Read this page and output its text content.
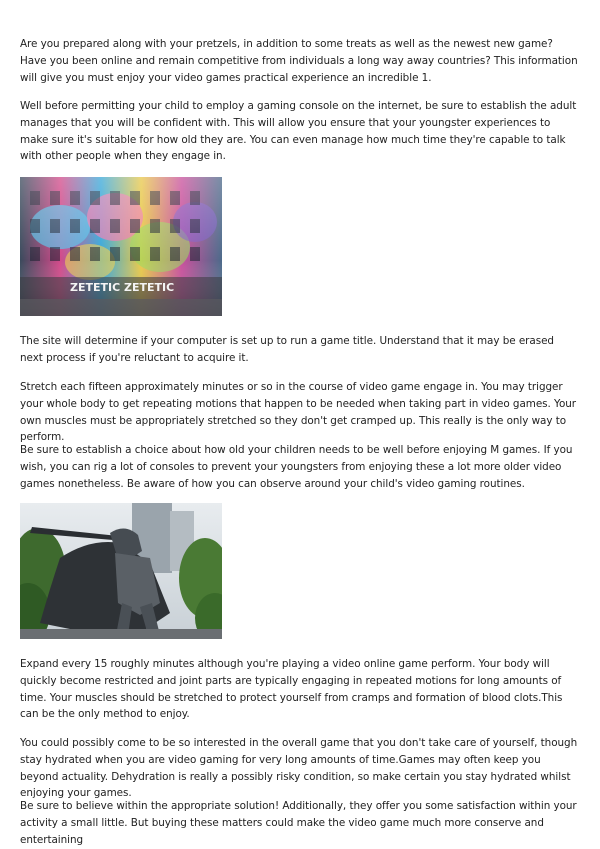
Are you prepared along with your pretzels, in addition to some treats as well as the newest new game? Have you been online and remain competitive from individuals a long way away countries? This information will give you must enjoy your video games practical experience an incredible 1.

Well before permitting your child to employ a gaming console on the internet, be sure to establish the adult manages that you will be confident with. This will allow you ensure that your youngster experiences to make sure it's suitable for how old they are. You can even manage how much time they're capable to talk with other people when they engage in.

ZETETIC ZETETIC

The site will determine if your computer is set up to run a game title. Understand that it may be erased next process if you're reluctant to acquire it.

Stretch each fifteen approximately minutes or so in the course of video game engage in. You may trigger your whole body to get repeating motions that happen to be needed when taking part in video games. Your own muscles must be appropriately stretched so they don't get cramped up. This really is the only way to perform.

Be sure to establish a choice about how old your children needs to be well before enjoying M games. If you wish, you can rig a lot of consoles to prevent your youngsters from enjoying these a lot more older video games nonetheless. Be aware of how you can observe around your child's video gaming routines.

Expand every 15 roughly minutes although you're playing a video online game perform. Your body will quickly become restricted and joint parts are typically engaging in repeated motions for long amounts of time. Your muscles should be stretched to protect yourself from cramps and formation of blood clots.This can be the only method to enjoy.

You could possibly come to be so interested in the overall game that you don't take care of yourself, though stay hydrated when you are video gaming for very long amounts of time.Games may often keep you beyond actuality. Dehydration is really a possibly risky condition, so make certain you stay hydrated whilst enjoying your games.

Be sure to believe within the appropriate solution! Additionally, they offer you some satisfaction within your activity a small little. But buying these matters could make the video game much more conserve and entertaining
